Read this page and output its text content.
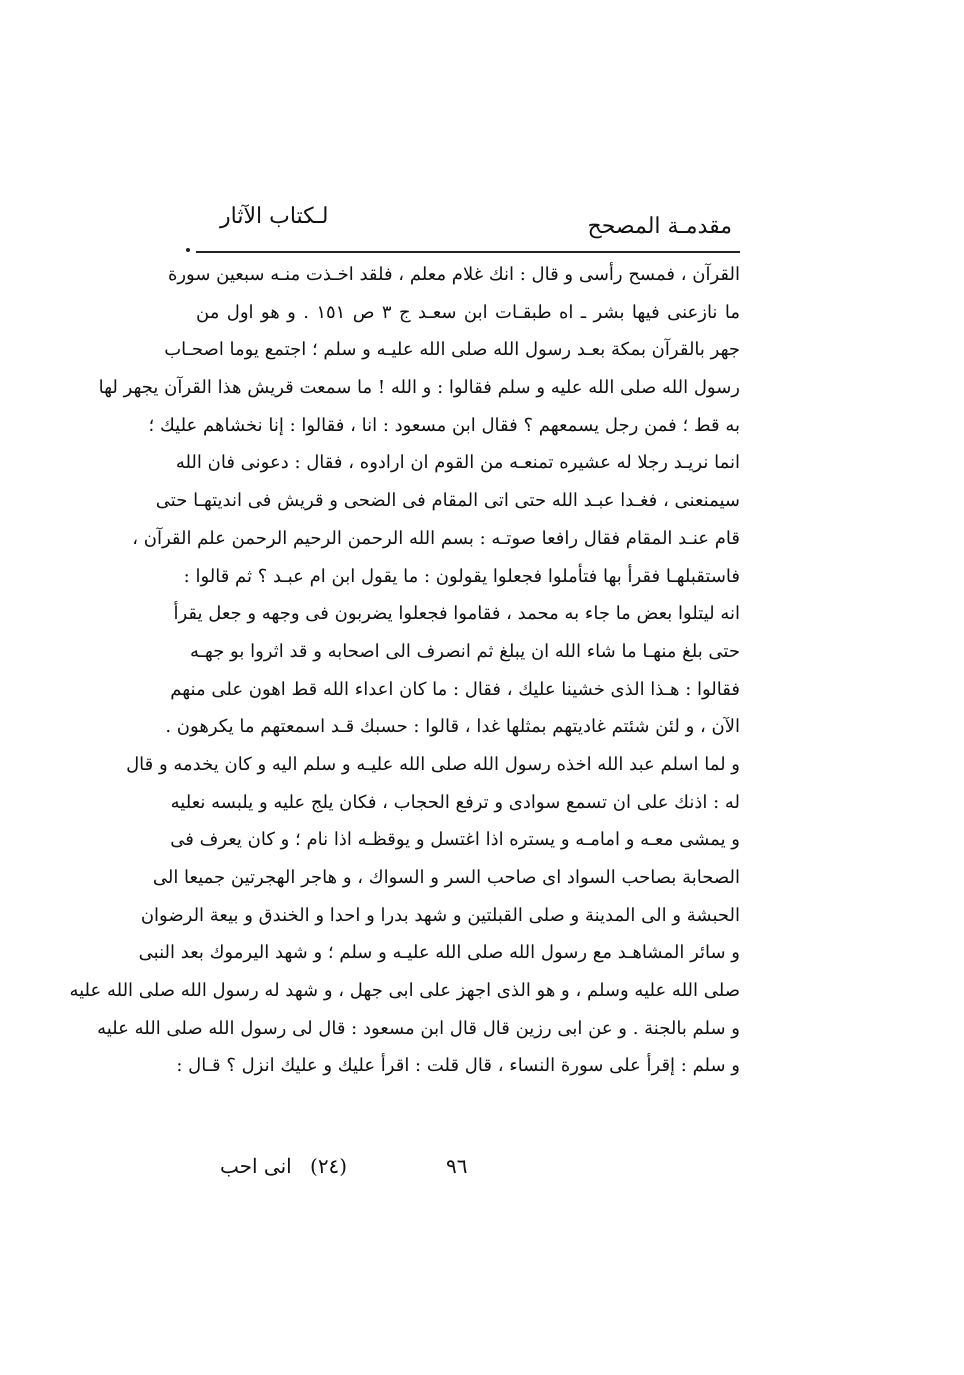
مقدمـة المصحح
لـكتاب الآثار
القرآن ، فمسح رأسى و قال : انك غلام معلم ، فلقد اخـذت منـه سبعين سورة
ما نازعنى فيها بشر ـ اه طبقـات ابن سعـد ج ٣ ص ١٥١ . و هو اول من
جهر بالقرآن بمكة بعـد رسول الله صلى الله عليـه و سلم ؛ اجتمع يوما اصحـاب
رسول الله صلى الله عليه و سلم فقالوا : و الله ! ما سمعت قريش هذا القرآن يجهر لها
به قط ؛ فمن رجل يسمعهم ؟ فقال ابن مسعود : انا ، فقالوا : إنا نخشاهم عليك ؛
انما نريـد رجلا له عشيره تمنعـه من القوم ان ارادوه ، فقال : دعونى فان الله
سيمنعنى ، فغـدا عبـد الله حتى اتى المقام فى الضحى و قريش فى انديتهـا حتى
قام عنـد المقام فقال رافعا صوتـه : بسم الله الرحمن الرحيم الرحمن علم القرآن ،
فاستقبلهـا فقرأ بها فتأملوا فجعلوا يقولون : ما يقول ابن ام عبـد ؟ ثم قالوا :
انه ليتلوا بعض ما جاء به محمد ، فقاموا فجعلوا يضربون فى وجهه و جعل يقرأ
حتى بلغ منهـا ما شاء الله ان يبلغ ثم انصرف الى اصحابه و قد اثروا بو جهـه
فقالوا : هـذا الذى خشينا عليك ، فقال : ما كان اعداء الله قط اهون على منهم
الآن ، و لئن شئتم غاديتهم بمثلها غدا ، قالوا : حسبك قـد اسمعتهم ما يكرهون .
و لما اسلم عبد الله اخذه رسول الله صلى الله عليـه و سلم اليه و كان يخدمه و قال
له : اذنك على ان تسمع سوادى و ترفع الحجاب ، فكان يلج عليه و يلبسه نعليه
و يمشى معـه و امامـه و يستره اذا اغتسل و يوقظـه اذا نام ؛ و كان يعرف فى
الصحابة بصاحب السواد اى صاحب السر و السواك ، و هاجر الهجرتين جميعا الى
الحبشة و الى المدينة و صلى القبلتين و شهد بدرا و احدا و الخندق و بيعة الرضوان
و سائر المشاهـد مع رسول الله صلى الله عليـه و سلم ؛ و شهد اليرموك بعد النبى
صلى الله عليه وسلم ، و هو الذى اجهز على ابى جهل ، و شهد له رسول الله صلى الله عليه
و سلم بالجنة . و عن ابى رزين قال قال ابن مسعود : قال لى رسول الله صلى الله عليه
و سلم : إقرأ على سورة النساء ، قال قلت : اقرأ عليك و عليك انزل ؟ قـال :
٩٦
(٢٤)
انى احب
